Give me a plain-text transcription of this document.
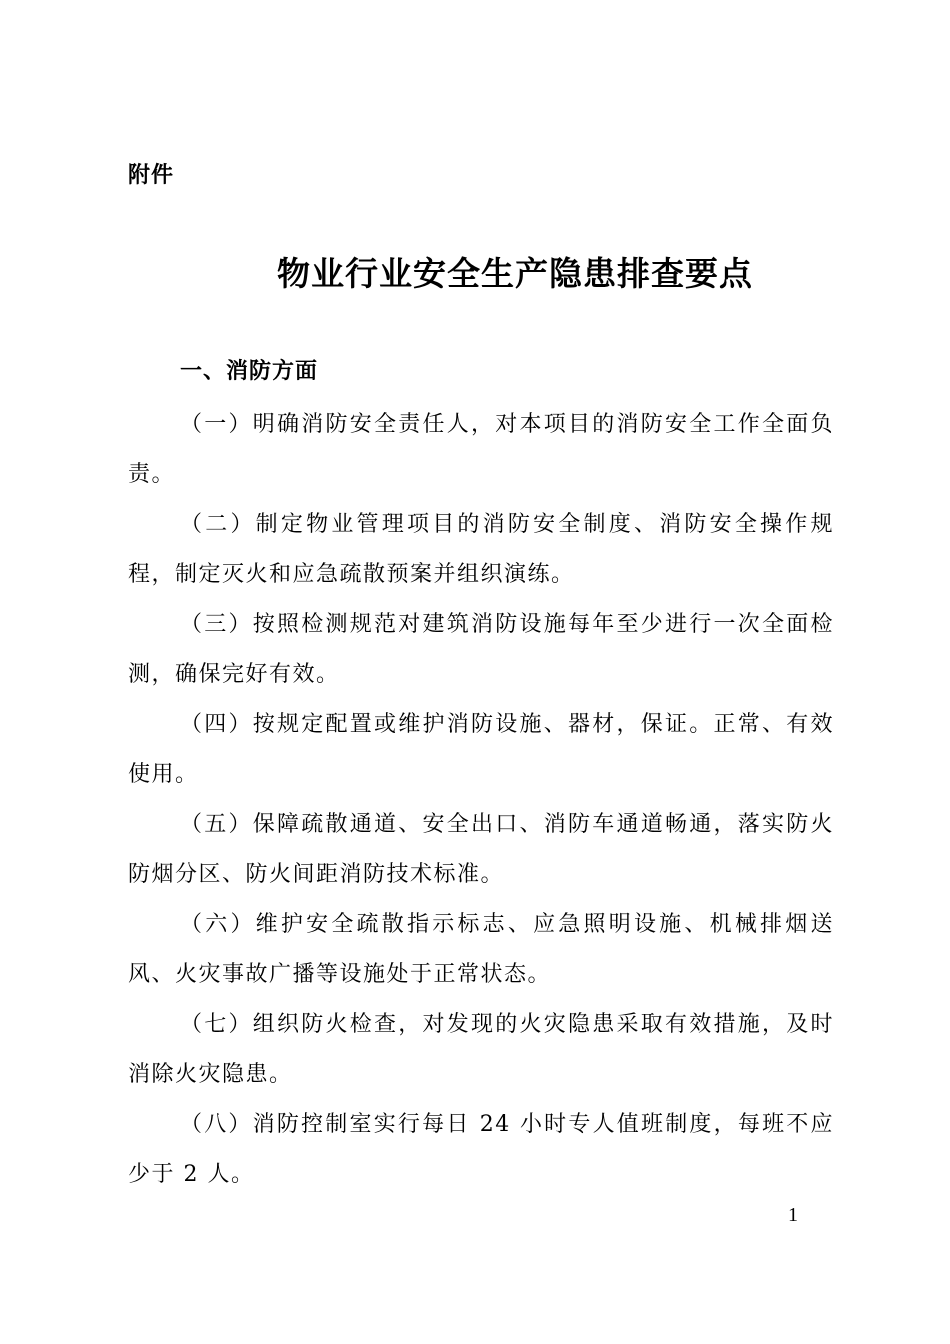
附件
物业行业安全生产隐患排查要点
一、消防方面

（一）明确消防安全责任人，对本项目的消防安全工作全面负责。

（二）制定物业管理项目的消防安全制度、消防安全操作规程，制定灭火和应急疏散预案并组织演练。

（三）按照检测规范对建筑消防设施每年至少进行一次全面检测，确保完好有效。

（四）按规定配置或维护消防设施、器材，保证。正常、有效使用。

（五）保障疏散通道、安全出口、消防车通道畅通，落实防火防烟分区、防火间距消防技术标准。

（六）维护安全疏散指示标志、应急照明设施、机械排烟送风、火灾事故广播等设施处于正常状态。

（七）组织防火检查，对发现的火灾隐患采取有效措施，及时消除火灾隐患。

（八）消防控制室实行每日 24 小时专人值班制度，每班不应少于 2 人。

1
